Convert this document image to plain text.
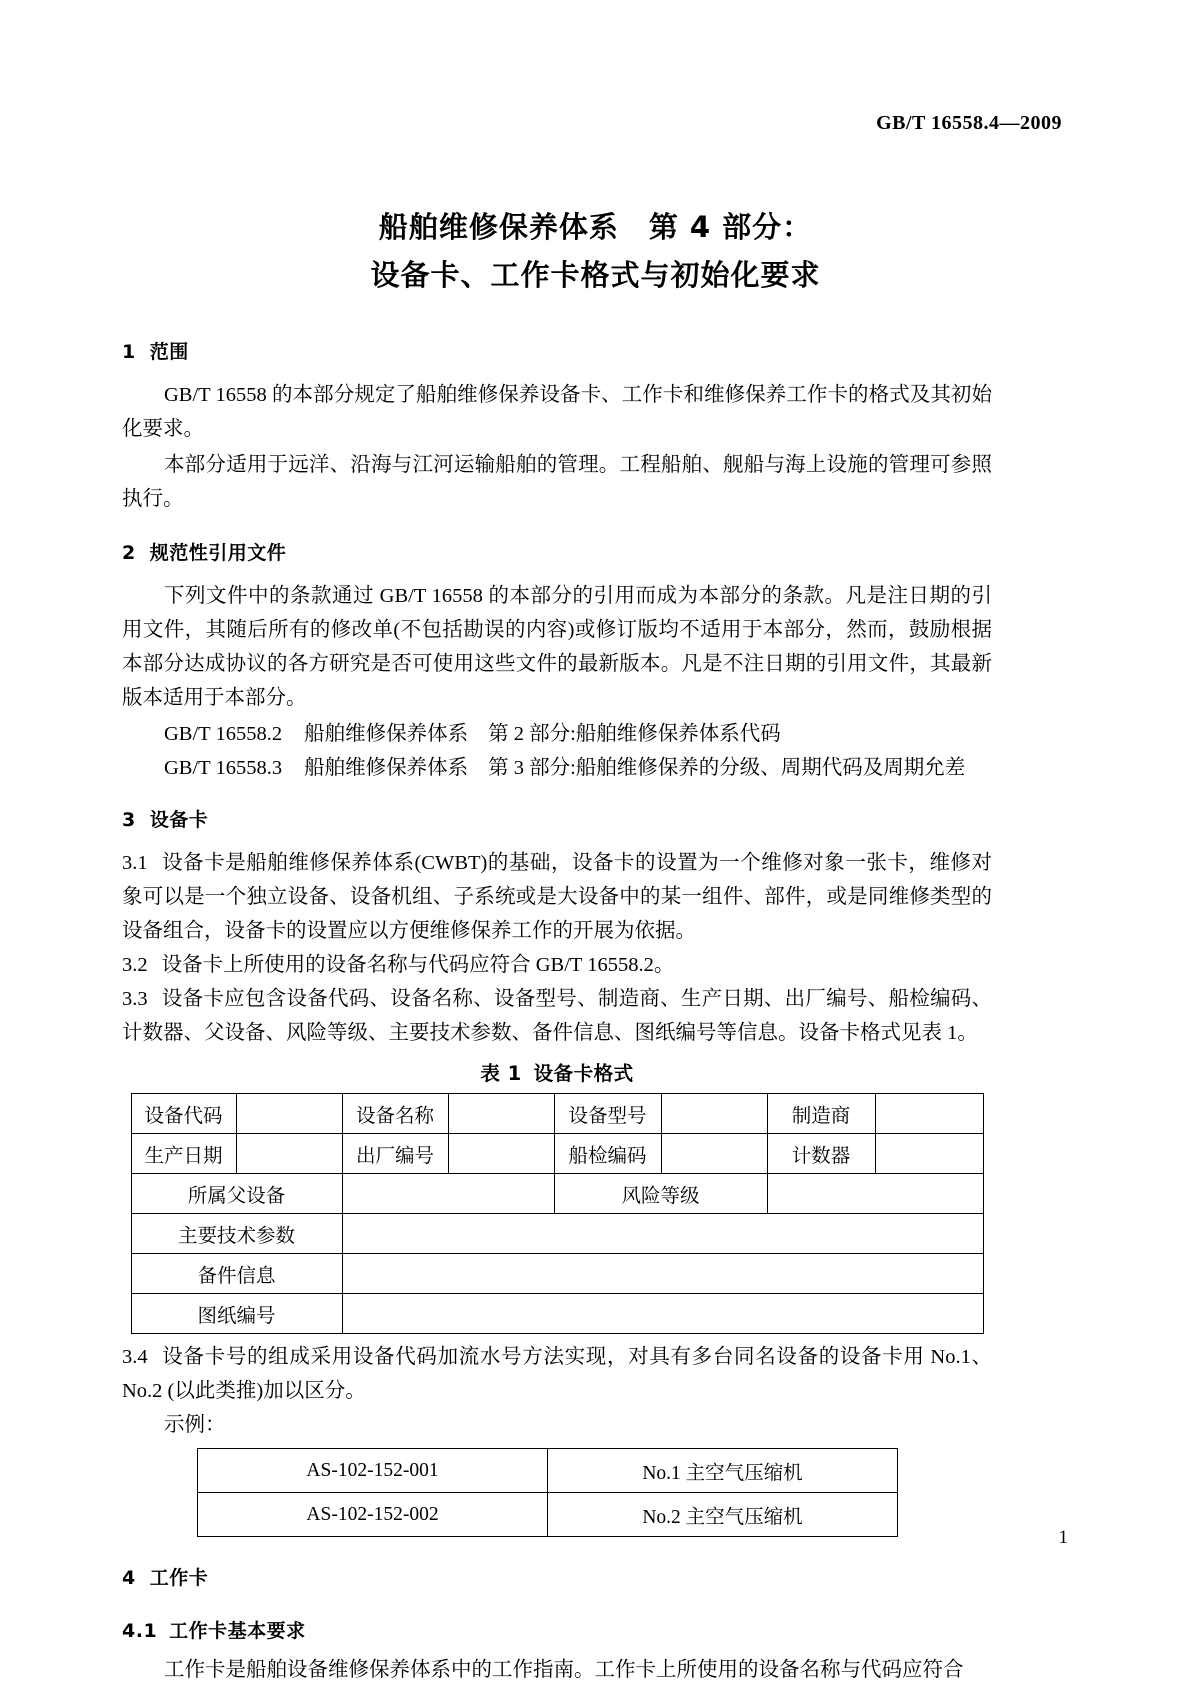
GB/T 16558.4—2009
船舶维修保养体系　第 4 部分：
设备卡、工作卡格式与初始化要求
1 范围

GB/T 16558 的本部分规定了船舶维修保养设备卡、工作卡和维修保养工作卡的格式及其初始化要求。

本部分适用于远洋、沿海与江河运输船舶的管理。工程船舶、舰船与海上设施的管理可参照执行。

2 规范性引用文件

下列文件中的条款通过 GB/T 16558 的本部分的引用而成为本部分的条款。凡是注日期的引用文件，其随后所有的修改单(不包括勘误的内容)或修订版均不适用于本部分，然而，鼓励根据本部分达成协议的各方研究是否可使用这些文件的最新版本。凡是不注日期的引用文件，其最新版本适用于本部分。

GB/T 16558.2 船舶维修保养体系 第 2 部分:船舶维修保养体系代码

GB/T 16558.3 船舶维修保养体系 第 3 部分:船舶维修保养的分级、周期代码及周期允差

3 设备卡

3.1 设备卡是船舶维修保养体系(CWBT)的基础，设备卡的设置为一个维修对象一张卡，维修对象可以是一个独立设备、设备机组、子系统或是大设备中的某一组件、部件，或是同维修类型的设备组合，设备卡的设置应以方便维修保养工作的开展为依据。

3.2 设备卡上所使用的设备名称与代码应符合 GB/T 16558.2。

3.3 设备卡应包含设备代码、设备名称、设备型号、制造商、生产日期、出厂编号、船检编码、计数器、父设备、风险等级、主要技术参数、备件信息、图纸编号等信息。设备卡格式见表 1。

表 1 设备卡格式
设备代码		设备名称		设备型号		制造商	
生产日期		出厂编号		船检编码		计数器	
所属父设备				风险等级			
主要技术参数							
备件信息							
图纸编号							

3.4 设备卡号的组成采用设备代码加流水号方法实现，对具有多台同名设备的设备卡用 No.1、No.2 (以此类推)加以区分。

示例：

AS-102-152-001	No.1 主空气压缩机
AS-102-152-002	No.2 主空气压缩机
4 工作卡
4.1 工作卡基本要求

工作卡是船舶设备维修保养体系中的工作指南。工作卡上所使用的设备名称与代码应符合

1
